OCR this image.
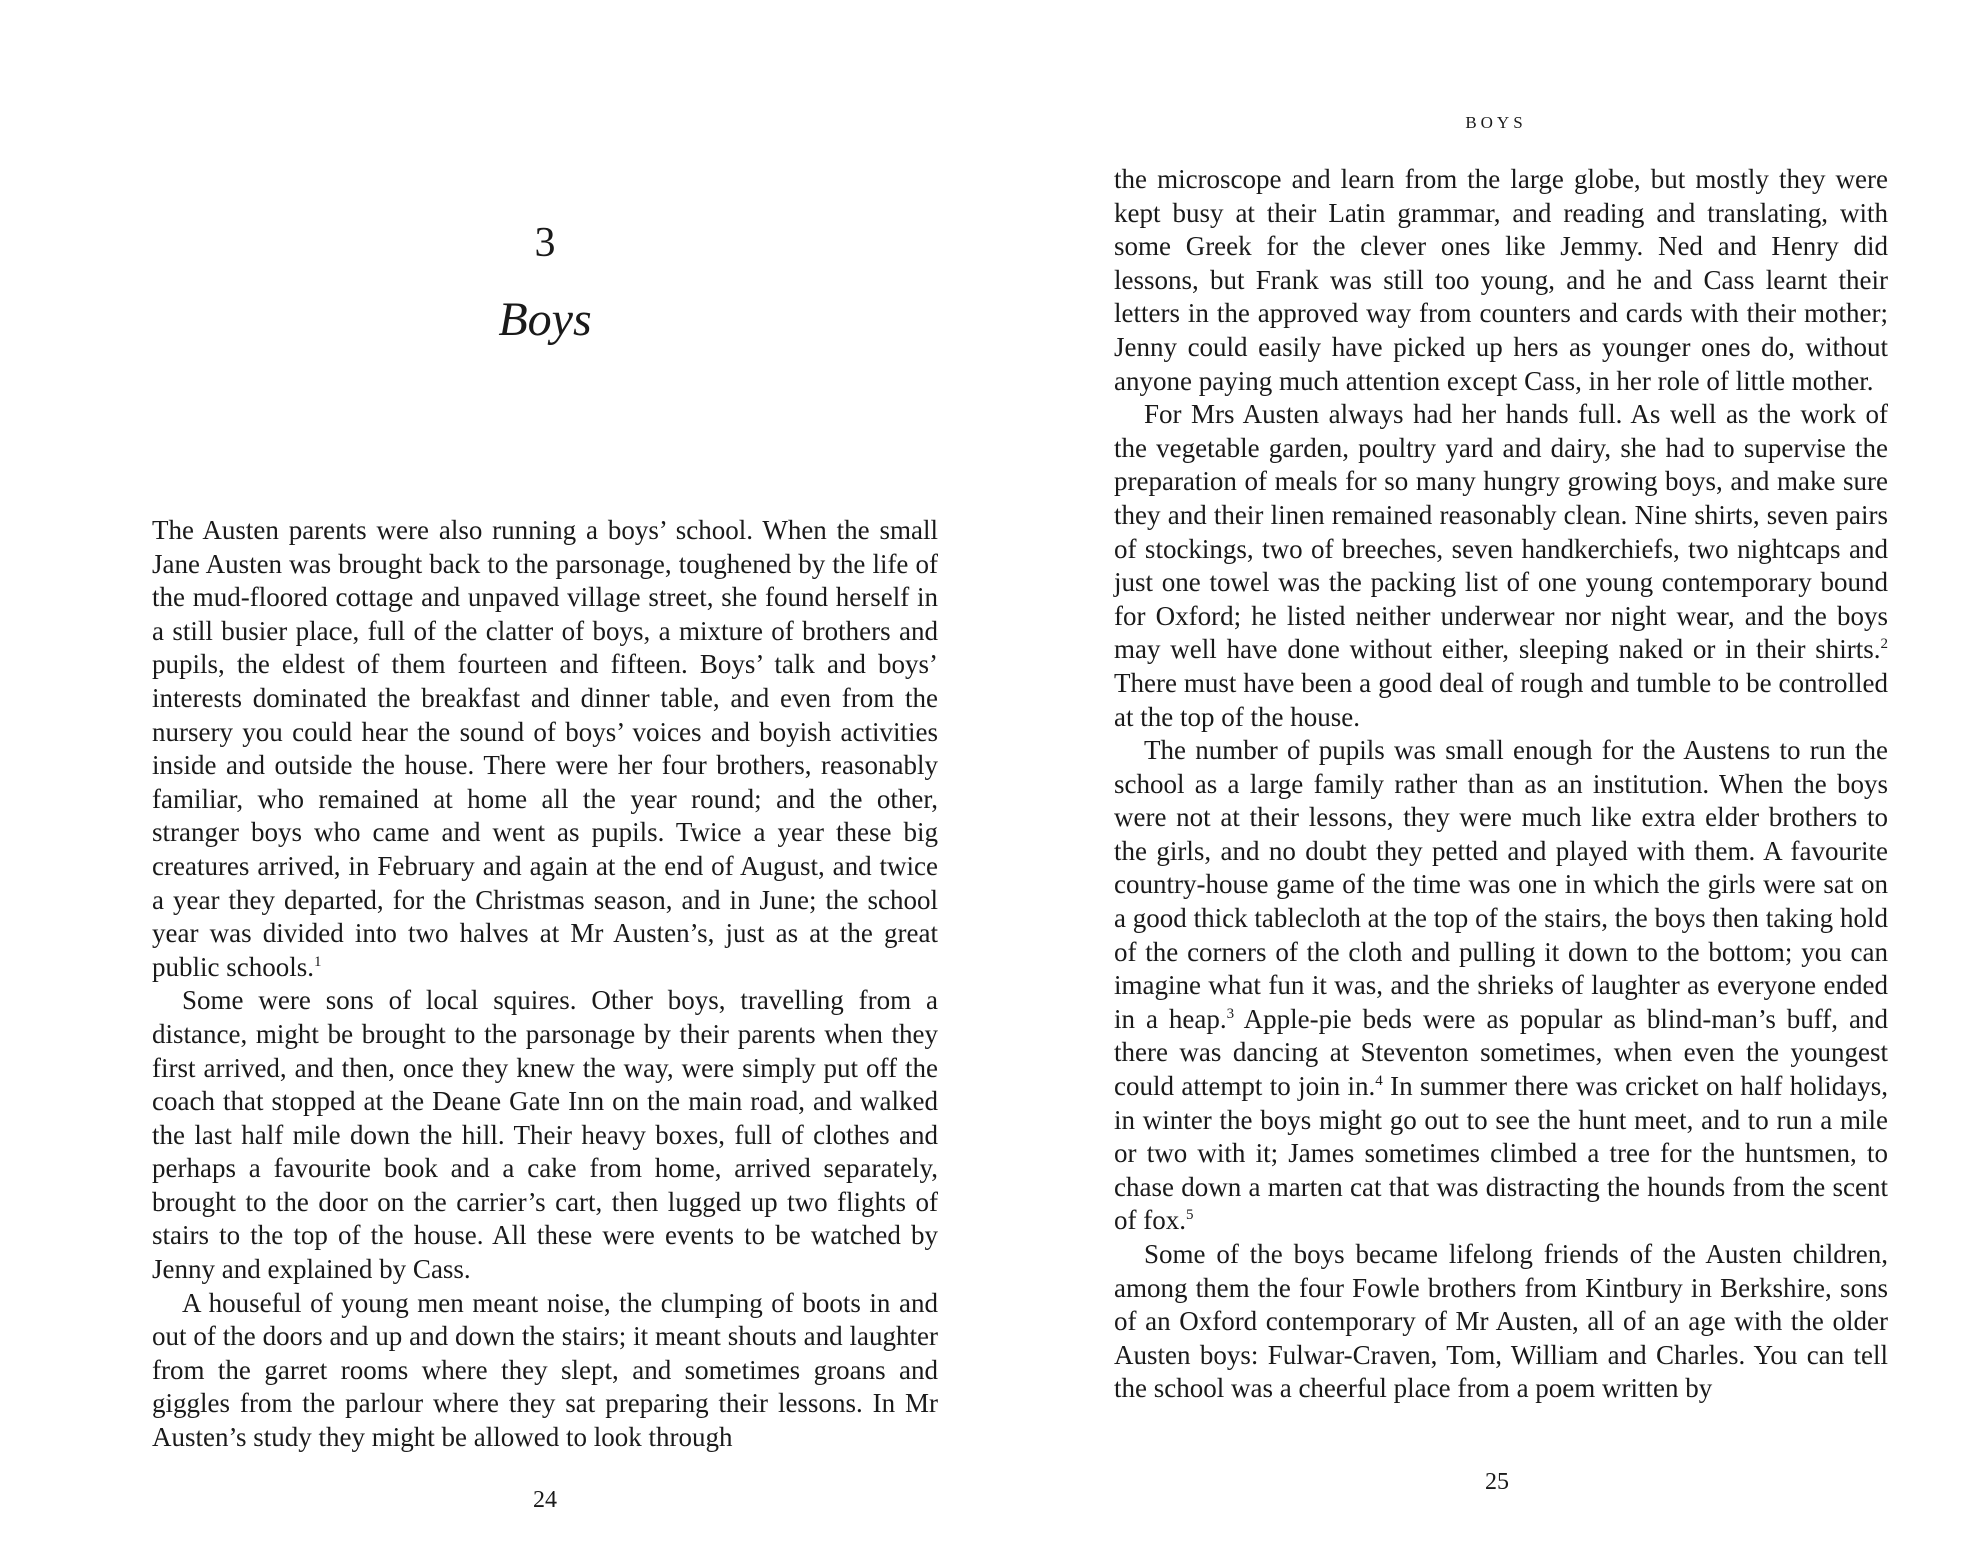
3
Boys

The Austen parents were also running a boys’ school. When the small Jane Austen was brought back to the parsonage, toughened by the life of the mud-floored cottage and unpaved village street, she found herself in a still busier place, full of the clatter of boys, a mixture of brothers and pupils, the eldest of them fourteen and fifteen. Boys’ talk and boys’ interests dominated the breakfast and dinner table, and even from the nursery you could hear the sound of boys’ voices and boyish activities inside and outside the house. There were her four brothers, reasonably familiar, who remained at home all the year round; and the other, stranger boys who came and went as pupils. Twice a year these big creatures arrived, in February and again at the end of August, and twice a year they departed, for the Christmas season, and in June; the school year was divided into two halves at Mr Austen’s, just as at the great public schools.$^1$

Some were sons of local squires. Other boys, travelling from a distance, might be brought to the parsonage by their parents when they first arrived, and then, once they knew the way, were simply put off the coach that stopped at the Deane Gate Inn on the main road, and walked the last half mile down the hill. Their heavy boxes, full of clothes and perhaps a favourite book and a cake from home, arrived separately, brought to the door on the carrier’s cart, then lugged up two flights of stairs to the top of the house. All these were events to be watched by Jenny and explained by Cass.

A houseful of young men meant noise, the clumping of boots in and out of the doors and up and down the stairs; it meant shouts and laughter from the garret rooms where they slept, and sometimes groans and giggles from the parlour where they sat preparing their lessons. In Mr Austen’s study they might be allowed to look through

24
BOYS

the microscope and learn from the large globe, but mostly they were kept busy at their Latin grammar, and reading and translating, with some Greek for the clever ones like Jemmy. Ned and Henry did lessons, but Frank was still too young, and he and Cass learnt their letters in the approved way from counters and cards with their mother; Jenny could easily have picked up hers as younger ones do, without anyone paying much attention except Cass, in her role of little mother.

For Mrs Austen always had her hands full. As well as the work of the vegetable garden, poultry yard and dairy, she had to supervise the preparation of meals for so many hungry growing boys, and make sure they and their linen remained reasonably clean. Nine shirts, seven pairs of stockings, two of breeches, seven handkerchiefs, two nightcaps and just one towel was the packing list of one young contemporary bound for Oxford; he listed neither underwear nor night wear, and the boys may well have done without either, sleeping naked or in their shirts.$^2$ There must have been a good deal of rough and tumble to be controlled at the top of the house.

The number of pupils was small enough for the Austens to run the school as a large family rather than as an institution. When the boys were not at their lessons, they were much like extra elder brothers to the girls, and no doubt they petted and played with them. A favourite country-house game of the time was one in which the girls were sat on a good thick tablecloth at the top of the stairs, the boys then taking hold of the corners of the cloth and pulling it down to the bottom; you can imagine what fun it was, and the shrieks of laughter as everyone ended in a heap.$^3$ Apple-pie beds were as popular as blind-man’s buff, and there was dancing at Steventon sometimes, when even the youngest could attempt to join in.$^4$ In summer there was cricket on half holidays, in winter the boys might go out to see the hunt meet, and to run a mile or two with it; James sometimes climbed a tree for the huntsmen, to chase down a marten cat that was distracting the hounds from the scent of fox.$^5$

Some of the boys became lifelong friends of the Austen children, among them the four Fowle brothers from Kintbury in Berkshire, sons of an Oxford contemporary of Mr Austen, all of an age with the older Austen boys: Fulwar-Craven, Tom, William and Charles. You can tell the school was a cheerful place from a poem written by

25
